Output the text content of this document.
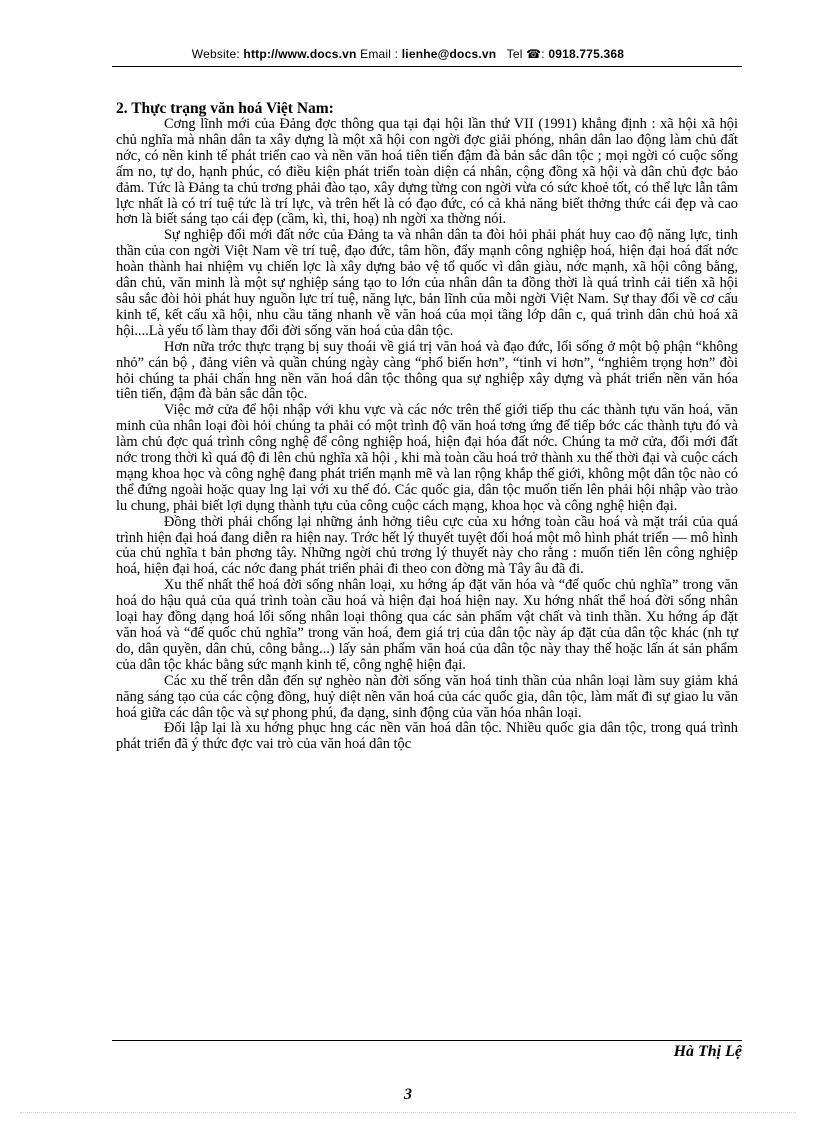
Website: http://www.docs.vn Email : lienhe@docs.vn Tel ☎: 0918.775.368

2. Thực trạng văn hoá Việt Nam:

Cơng lĩnh mới của Đảng đợc thông qua tại đại hội lần thứ VII (1991) khẳng định : xã hội xã hội chủ nghĩa mà nhân dân ta xây dựng là một xã hội con ngời đợc giải phóng, nhân dân lao động làm chủ đất nớc, có nền kinh tế phát triển cao và nền văn hoá tiên tiến đậm đà bản sắc dân tộc ; mọi ngời có cuộc sống ấm no, tự do, hạnh phúc, có điều kiện phát triển toàn diện cá nhân, cộng đồng xã hội và dân chủ đợc bảo đảm. Tức là Đảng ta chủ trơng phải đào tạo, xây dựng từng con ngời vừa có sức khoẻ tốt, có thể lực lẫn tâm lực nhất là có trí tuệ tức là trí lực, và trên hết là có đạo đức, có cả khả năng biết thởng thức cái đẹp và cao hơn là biết sáng tạo cái đẹp (cầm, kì, thi, hoạ) nh ngời xa thờng nói.

Sự nghiệp đổi mới đất nớc của Đảng ta và nhân dân ta đòi hỏi phải phát huy cao độ năng lực, tinh thần của con ngời Việt Nam về trí tuệ, đạo đức, tâm hồn, đẩy mạnh công nghiệp hoá, hiện đại hoá đất nớc hoàn thành hai nhiệm vụ chiến lợc là xây dựng bảo vệ tổ quốc vì dân giàu, nớc mạnh, xã hội công bằng, dân chủ, văn minh là một sự nghiệp sáng tạo to lớn của nhân dân ta đồng thời là quá trình cải tiến xã hội sâu sắc đòi hỏi phát huy nguồn lực trí tuệ, năng lực, bản lĩnh của mỗi ngời Việt Nam. Sự thay đổi về cơ cấu kinh tế, kết cấu xã hội, nhu cầu tăng nhanh về văn hoá của mọi tầng lớp dân c, quá trình dân chủ hoá xã hội....Là yếu tố làm thay đổi đời sống văn hoá của dân tộc.

Hơn nữa trớc thực trạng bị suy thoái về giá trị văn hoá và đạo đức, lối sống ở một bộ phận “không nhỏ” cán bộ , đảng viên và quần chúng ngày càng “phổ biến hơn”, “tinh vi hơn”, “nghiêm trọng hơn” đòi hỏi chúng ta phải chấn hng nền văn hoá dân tộc thông qua sự nghiệp xây dựng và phát triển nền văn hóa tiên tiến, đậm đà bản sắc dân tộc.

Việc mở cửa để hội nhập với khu vực và các nớc trên thế giới tiếp thu các thành tựu văn hoá, văn minh của nhân loại đòi hỏi chúng ta phải có một trình độ văn hoá tơng ứng để tiếp bớc các thành tựu đó và làm chủ đợc quá trình công nghệ để công nghiệp hoá, hiện đại hóa đất nớc. Chúng ta mở cửa, đổi mới đất nớc trong thời kì quá độ đi lên chủ nghĩa xã hội , khi mà toàn cầu hoá trở thành xu thế thời đại và cuộc cách mạng khoa học và công nghệ đang phát triển mạnh mẽ và lan rộng khắp thế giới, không một dân tộc nào có thể đứng ngoài hoặc quay lng lại với xu thế đó. Các quốc gia, dân tộc muốn tiến lên phải hội nhập vào trào lu chung, phải biết lợi dụng thành tựu của công cuộc cách mạng, khoa học và công nghệ hiện đại.

Đồng thời phải chống lại những ảnh hởng tiêu cực của xu hớng toàn cầu hoá và mặt trái của quá trình hiện đại hoá đang diễn ra hiện nay. Trớc hết lý thuyết tuyệt đối hoá một mô hình phát triển — mô hình của chủ nghĩa t bản phơng tây. Những ngời chủ trơng lý thuyết này cho rằng : muốn tiến lên công nghiệp hoá, hiện đại hoá, các nớc đang phát triển phải đi theo con đờng mà Tây âu đã đi.

Xu thế nhất thể hoá đời sống nhân loại, xu hớng áp đặt văn hóa và “đế quốc chủ nghĩa” trong văn hoá do hậu quả của quá trình toàn cầu hoá và hiện đại hoá hiện nay. Xu hớng nhất thể hoá đời sống nhân loại hay đồng dạng hoá lối sống nhân loại thông qua các sản phẩm vật chất và tinh thần. Xu hớng áp đặt văn hoá và “đế quốc chủ nghĩa” trong văn hoá, đem giá trị của dân tộc này áp đặt của dân tộc khác (nh tự do, dân quyền, dân chủ, công bằng...) lấy sản phẩm văn hoá của dân tộc này thay thế hoặc lấn át sản phẩm của dân tộc khác bằng sức mạnh kinh tế, công nghệ hiện đại.

Các xu thế trên dẫn đến sự nghèo nàn đời sống văn hoá tinh thần của nhân loại làm suy giảm khả năng sáng tạo của các cộng đồng, huỷ diệt nền văn hoá của các quốc gia, dân tộc, làm mất đi sự giao lu văn hoá giữa các dân tộc và sự phong phú, đa dạng, sinh động của văn hóa nhân loại.

Đối lập lại là xu hớng phục hng các nền văn hoá dân tộc. Nhiều quốc gia dân tộc, trong quá trình phát triển đã ý thức đợc vai trò của văn hoá dân tộc

Hà Thị Lệ
3
